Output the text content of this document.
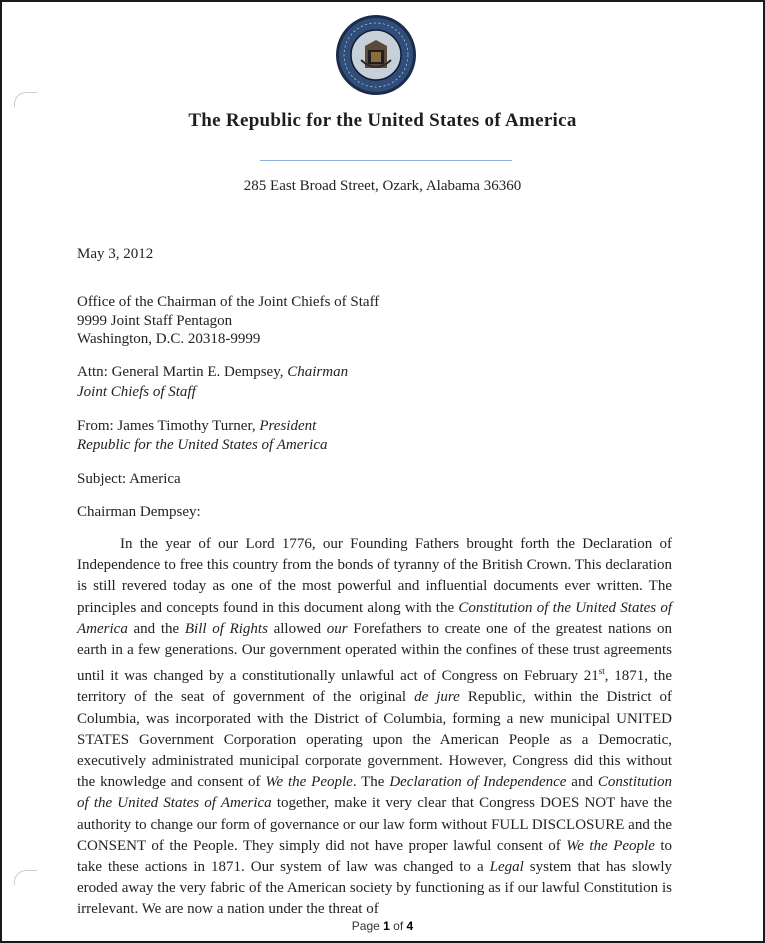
The Republic for the United States of America
285 East Broad Street, Ozark, Alabama 36360
May 3, 2012
Office of the Chairman of the Joint Chiefs of Staff
9999 Joint Staff Pentagon
Washington, D.C. 20318-9999
Attn: General Martin E. Dempsey, Chairman
Joint Chiefs of Staff
From: James Timothy Turner, President
Republic for the United States of America
Subject: America
Chairman Dempsey:
In the year of our Lord 1776, our Founding Fathers brought forth the Declaration of Independence to free this country from the bonds of tyranny of the British Crown. This declaration is still revered today as one of the most powerful and influential documents ever written. The principles and concepts found in this document along with the Constitution of the United States of America and the Bill of Rights allowed our Forefathers to create one of the greatest nations on earth in a few generations. Our government operated within the confines of these trust agreements until it was changed by a constitutionally unlawful act of Congress on February 21st, 1871, the territory of the seat of government of the original de jure Republic, within the District of Columbia, was incorporated with the District of Columbia, forming a new municipal UNITED STATES Government Corporation operating upon the American People as a Democratic, executively administrated municipal corporate government. However, Congress did this without the knowledge and consent of We the People. The Declaration of Independence and Constitution of the United States of America together, make it very clear that Congress DOES NOT have the authority to change our form of governance or our law form without FULL DISCLOSURE and the CONSENT of the People. They simply did not have proper lawful consent of We the People to take these actions in 1871. Our system of law was changed to a Legal system that has slowly eroded away the very fabric of the American society by functioning as if our lawful Constitution is irrelevant. We are now a nation under the threat of
Page 1 of 4
